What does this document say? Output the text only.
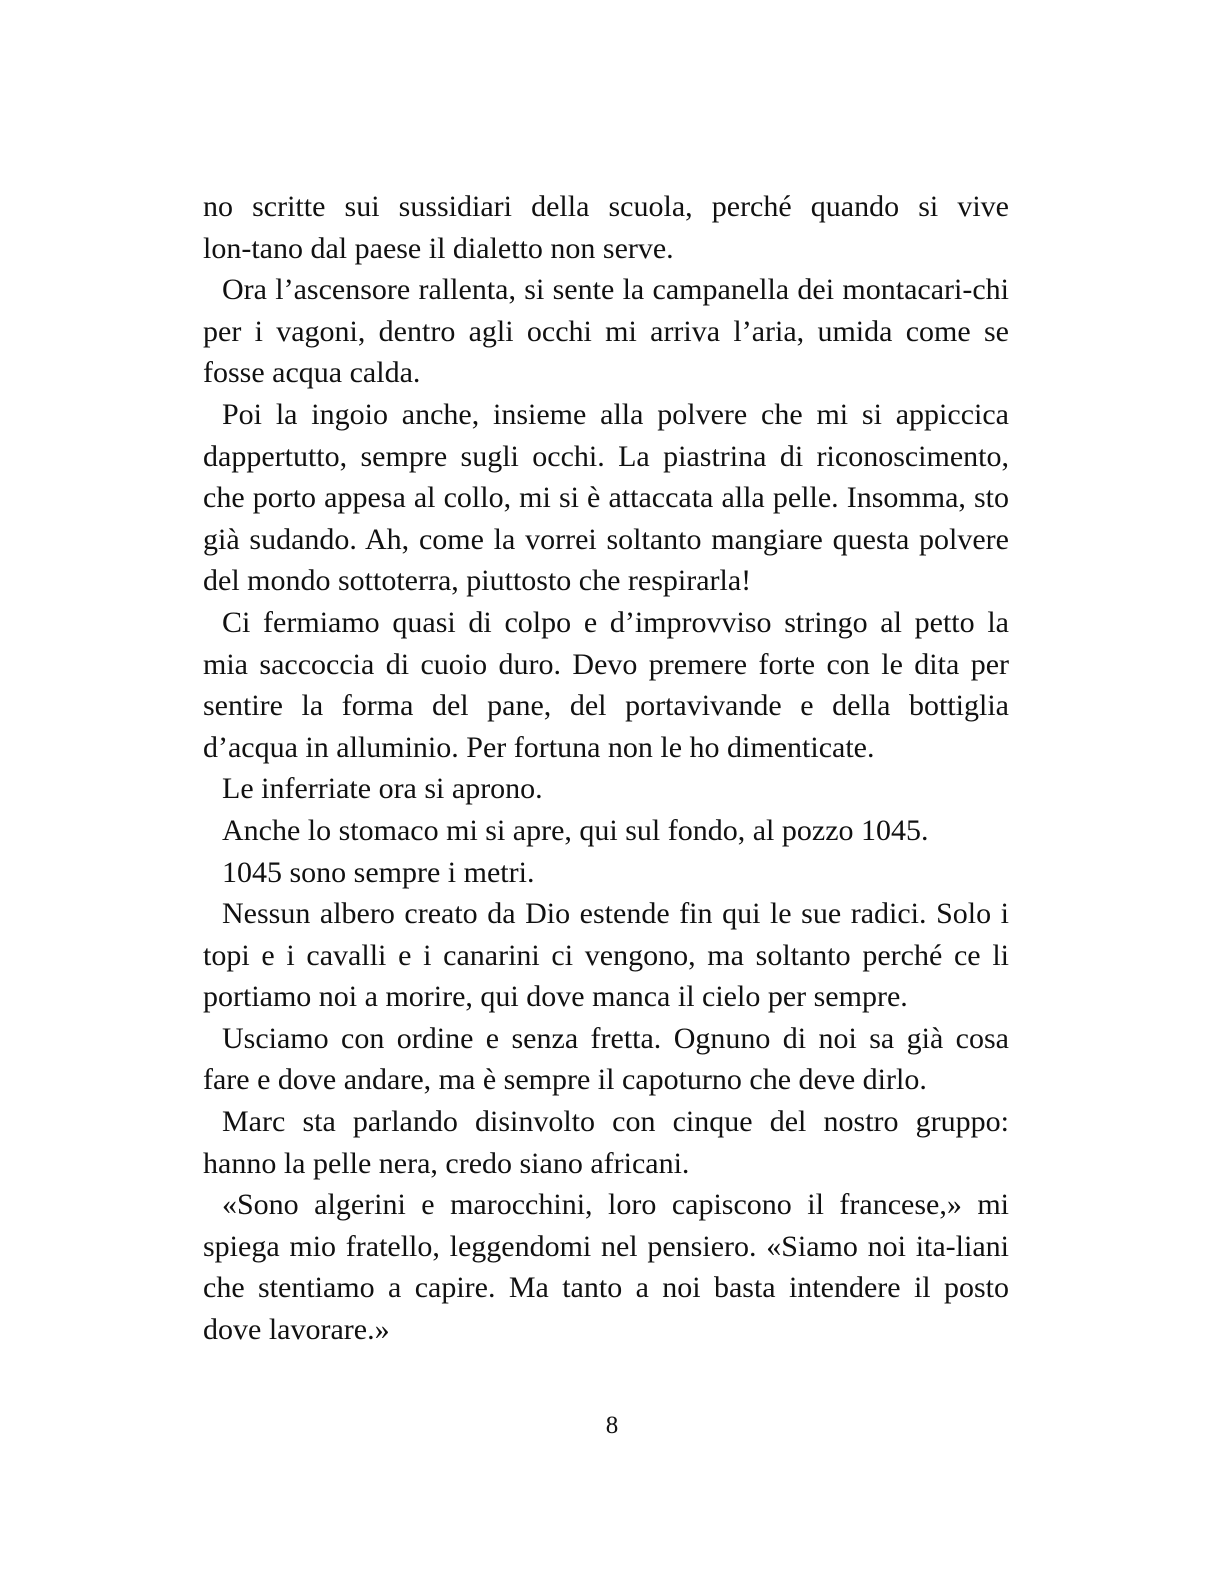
no scritte sui sussidiari della scuola, perché quando si vive lon-tano dal paese il dialetto non serve.

Ora l’ascensore rallenta, si sente la campanella dei montacari-chi per i vagoni, dentro agli occhi mi arriva l’aria, umida come se fosse acqua calda.

Poi la ingoio anche, insieme alla polvere che mi si appiccica dappertutto, sempre sugli occhi. La piastrina di riconoscimento, che porto appesa al collo, mi si è attaccata alla pelle. Insomma, sto già sudando. Ah, come la vorrei soltanto mangiare questa polvere del mondo sottoterra, piuttosto che respirarla!

Ci fermiamo quasi di colpo e d’improvviso stringo al petto la mia saccoccia di cuoio duro. Devo premere forte con le dita per sentire la forma del pane, del portavivande e della bottiglia d’acqua in alluminio. Per fortuna non le ho dimenticate.

Le inferriate ora si aprono.

Anche lo stomaco mi si apre, qui sul fondo, al pozzo 1045.

1045 sono sempre i metri.

Nessun albero creato da Dio estende fin qui le sue radici. Solo i topi e i cavalli e i canarini ci vengono, ma soltanto perché ce li portiamo noi a morire, qui dove manca il cielo per sempre.

Usciamo con ordine e senza fretta. Ognuno di noi sa già cosa fare e dove andare, ma è sempre il capoturno che deve dirlo.

Marc sta parlando disinvolto con cinque del nostro gruppo: hanno la pelle nera, credo siano africani.

«Sono algerini e marocchini, loro capiscono il francese,» mi spiega mio fratello, leggendomi nel pensiero. «Siamo noi ita-liani che stentiamo a capire. Ma tanto a noi basta intendere il posto dove lavorare.»

8
